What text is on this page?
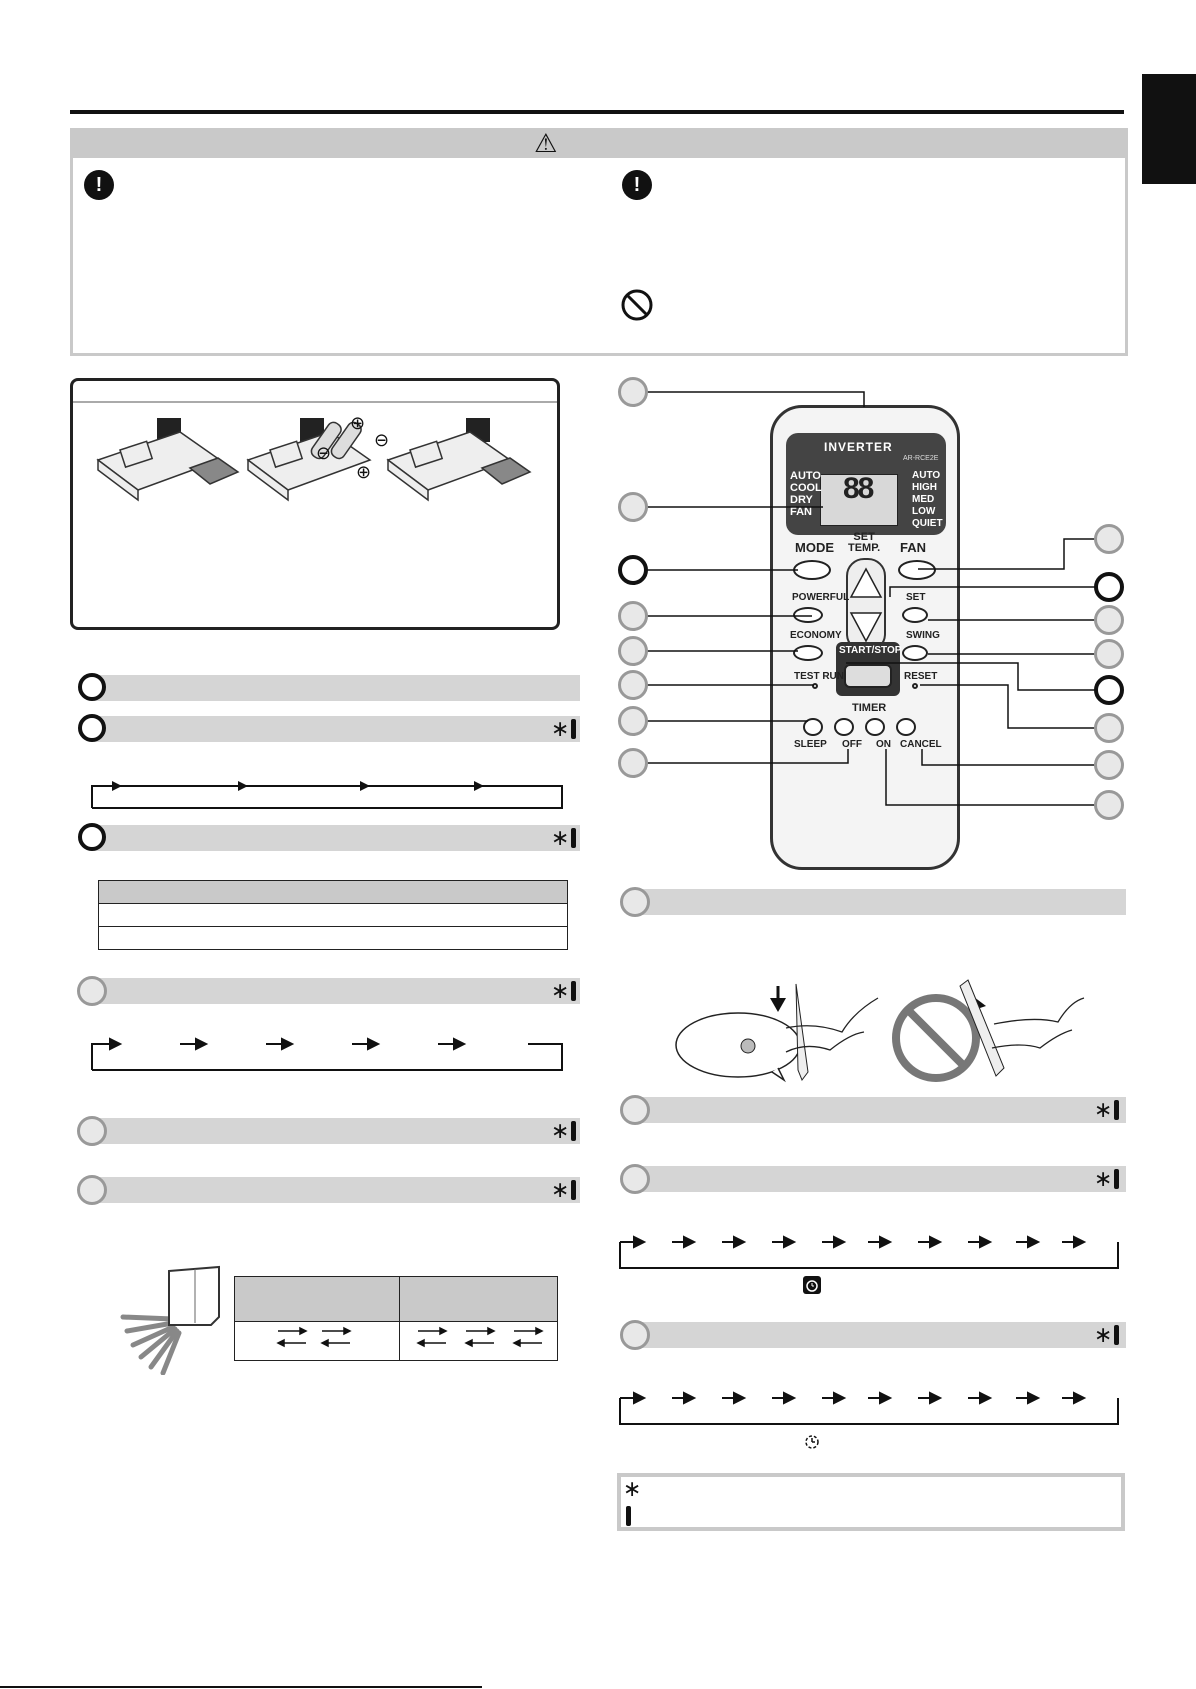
⚠
!	!
⊕
⊖
⊖
⊕
∗
∗

∗
∗
∗

INVERTER
AR-RCE2E
88
AUTO
COOL
DRY
FAN
AUTO
HIGH
MED
LOW
QUIET
MODE	FAN
SET
TEMP.
POWERFUL	SET
ECONOMY	SWING
START/STOP
TEST RUN	RESET
TIMER
SLEEP OFF ON CANCEL
∗
∗
∗
∗
